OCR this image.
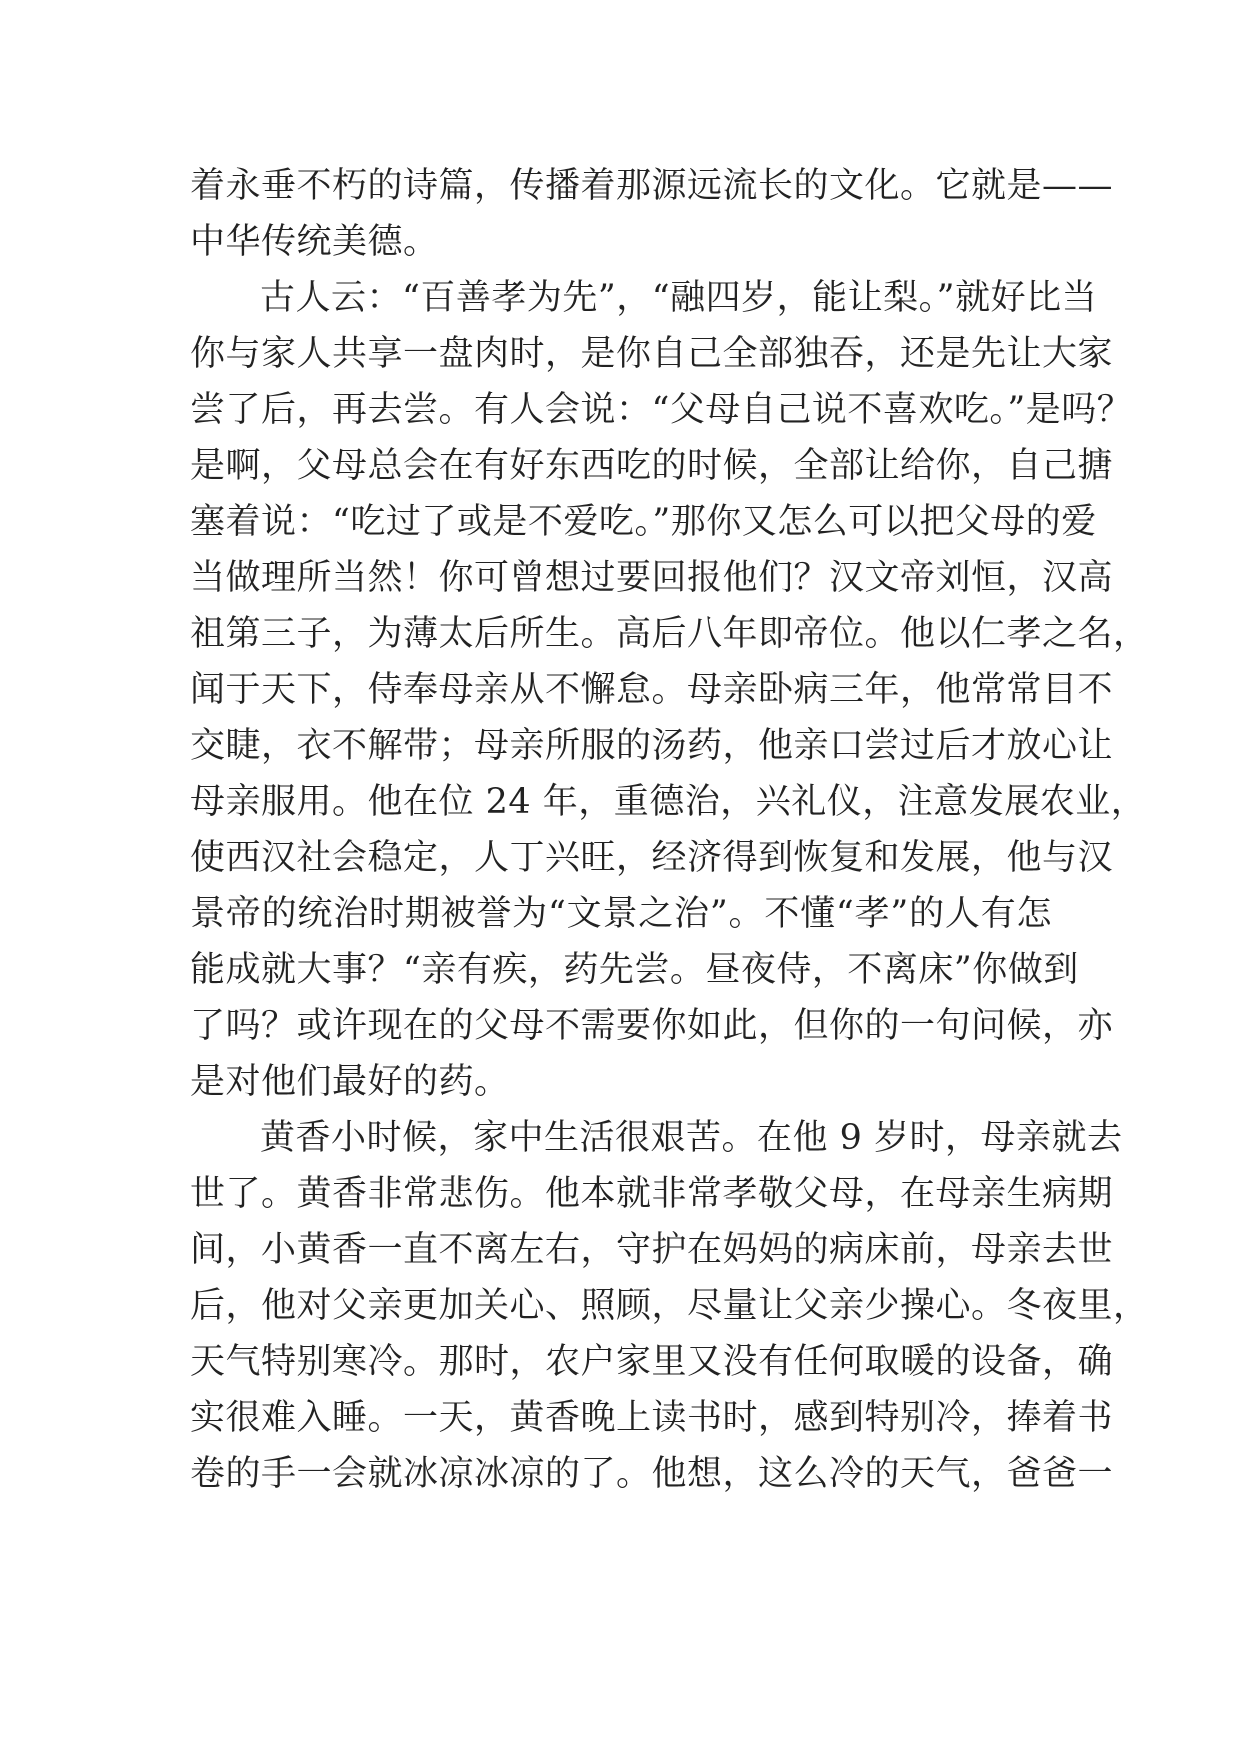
着永垂不朽的诗篇，传播着那源远流长的文化。它就是——
中华传统美德。
古人云：“百善孝为先”，“融四岁，能让梨。”就好比当
你与家人共享一盘肉时，是你自己全部独吞，还是先让大家
尝了后，再去尝。有人会说：“父母自己说不喜欢吃。”是吗？
是啊，父母总会在有好东西吃的时候，全部让给你，自己搪
塞着说：“吃过了或是不爱吃。”那你又怎么可以把父母的爱
当做理所当然！你可曾想过要回报他们？汉文帝刘恒，汉高
祖第三子，为薄太后所生。高后八年即帝位。他以仁孝之名，
闻于天下，侍奉母亲从不懈怠。母亲卧病三年，他常常目不
交睫，衣不解带；母亲所服的汤药，他亲口尝过后才放心让
母亲服用。他在位 24 年，重德治，兴礼仪，注意发展农业，
使西汉社会稳定，人丁兴旺，经济得到恢复和发展，他与汉
景帝的统治时期被誉为“文景之治”。不懂“孝”的人有怎
能成就大事？“亲有疾，药先尝。昼夜侍，不离床”你做到
了吗？或许现在的父母不需要你如此，但你的一句问候，亦
是对他们最好的药。
黄香小时候，家中生活很艰苦。在他 9 岁时，母亲就去
世了。黄香非常悲伤。他本就非常孝敬父母，在母亲生病期
间，小黄香一直不离左右，守护在妈妈的病床前，母亲去世
后，他对父亲更加关心、照顾，尽量让父亲少操心。冬夜里，
天气特别寒冷。那时，农户家里又没有任何取暖的设备，确
实很难入睡。一天，黄香晚上读书时，感到特别冷，捧着书
卷的手一会就冰凉冰凉的了。他想，这么冷的天气，爸爸一
